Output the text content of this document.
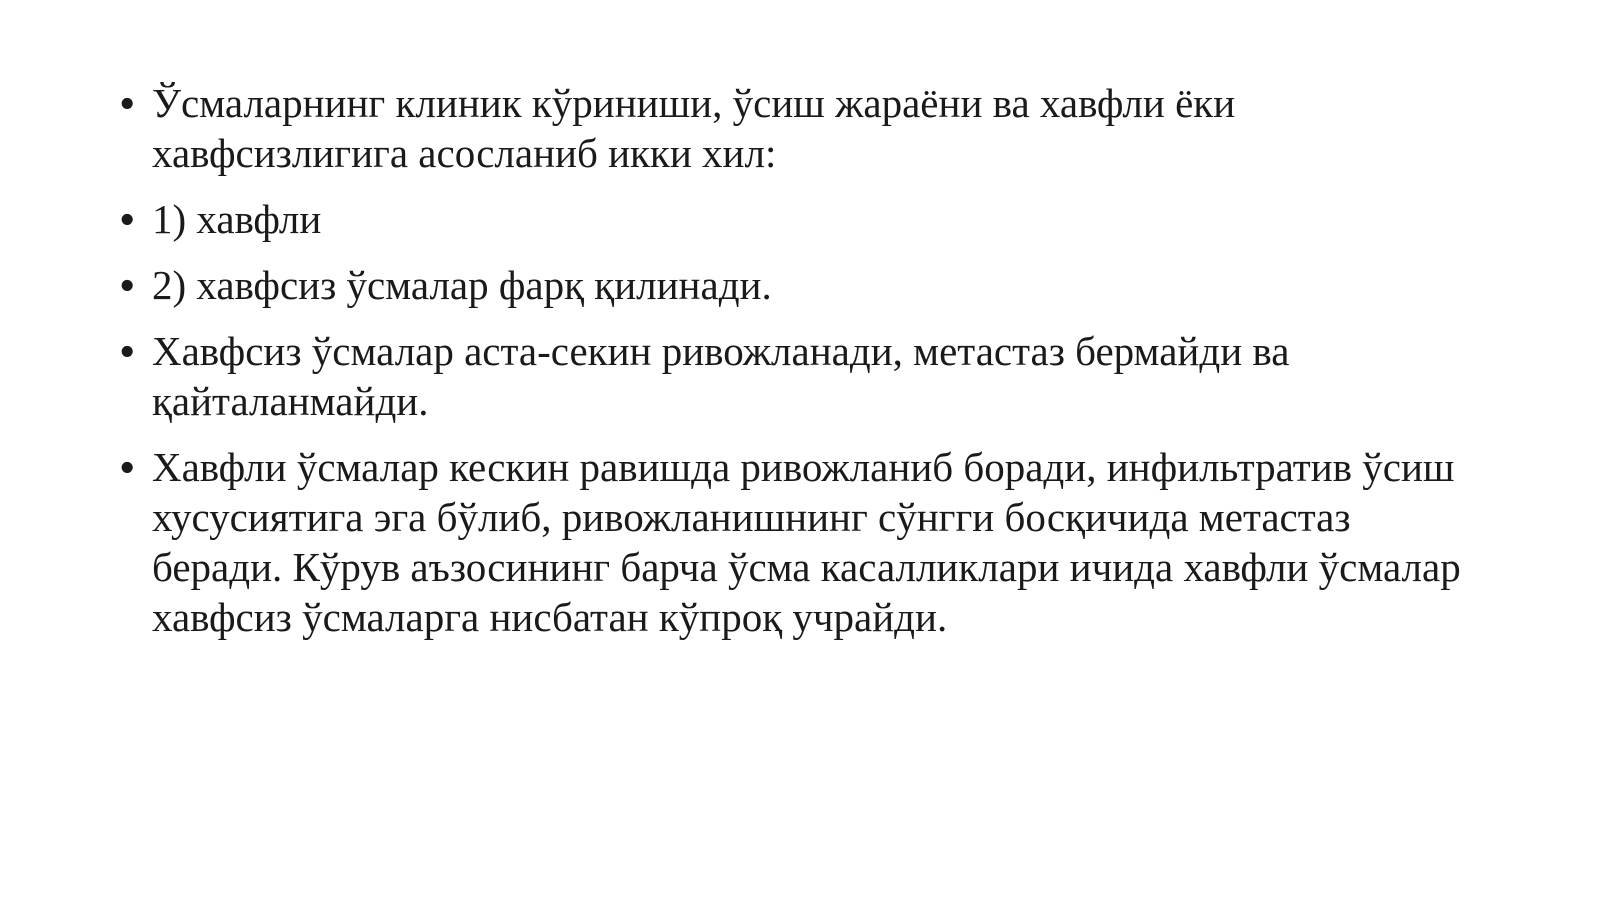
• Ўсмаларнинг клиник кўриниши, ўсиш жараёни ва хавфли ёки хавфсизлигига асосланиб икки хил:
• 1) хавфли
• 2) хавфсиз ўсмалар фарқ қилинади.
• Хавфсиз ўсмалар аста-секин ривожланади, метастаз бермайди ва қайталанмайди.
• Хавфли ўсмалар кескин равишда ривожланиб боради, инфильтратив ўсиш хусусиятига эга бўлиб, ривожланишнинг сўнгги босқичида метастаз беради. Кўрув аъзосининг барча ўсма касалликлари ичида хавфли ўсмалар хавфсиз ўсмаларга нисбатан кўпроқ учрайди.
